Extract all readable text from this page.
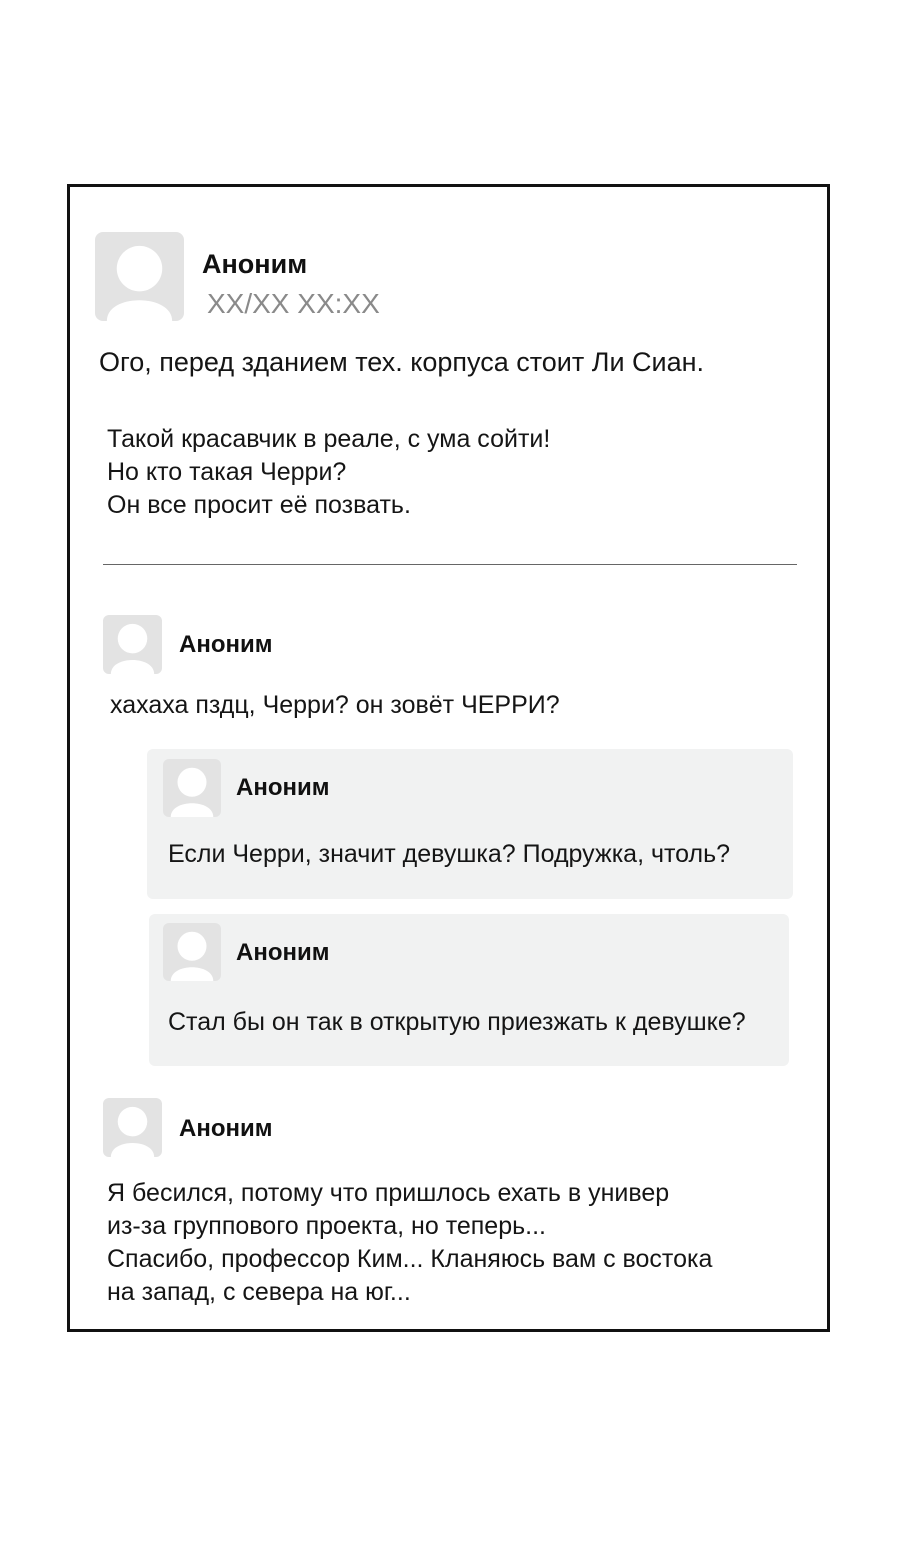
Аноним
XX/XX XX:XX
Ого, перед зданием тех. корпуса стоит Ли Сиан.
Такой красавчик в реале, с ума сойти!
Но кто такая Черри?
Он все просит её позвать.
Аноним
хахаха пздц, Черри? он зовёт ЧЕРРИ?
Аноним
Если Черри, значит девушка? Подружка, чтоль?
Аноним
Стал бы он так в открытую приезжать к девушке?
Аноним
Я бесился, потому что пришлось ехать в универ
из-за группового проекта, но теперь...
Спасибо, профессор Ким... Кланяюсь вам с востока
на запад, с севера на юг...
